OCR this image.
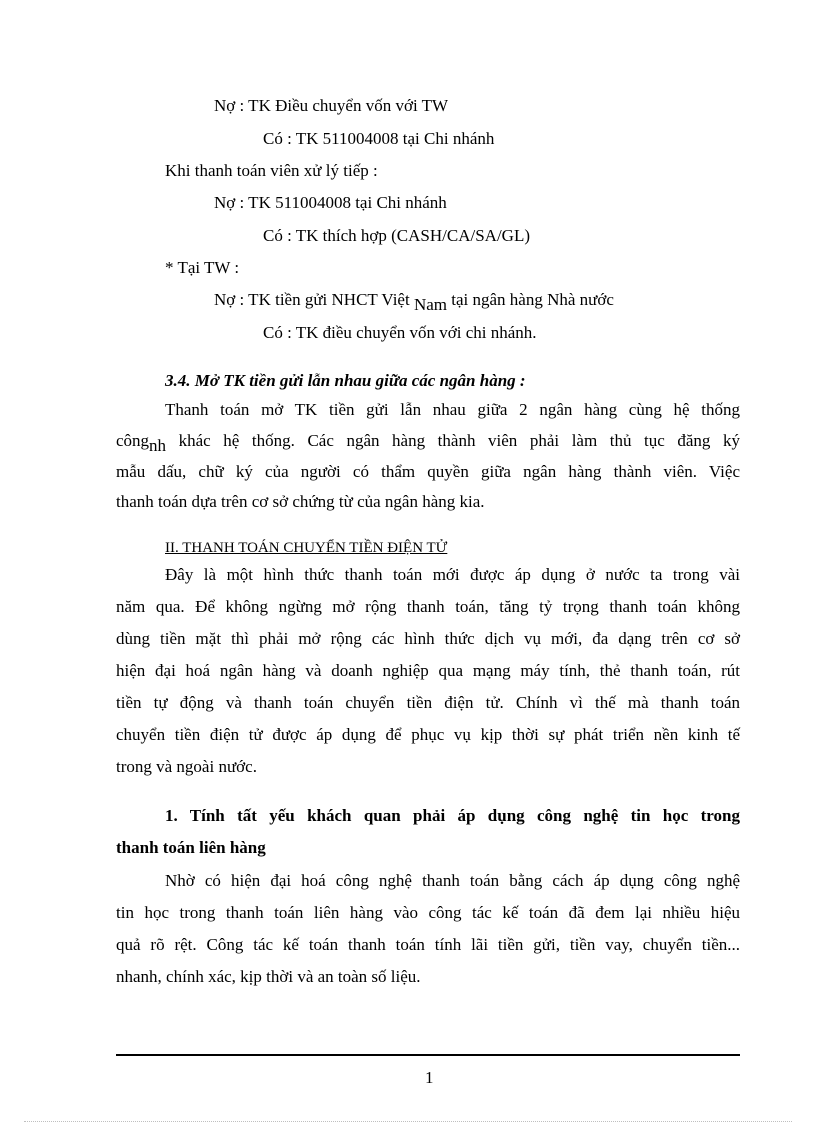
Nợ : TK Điều chuyển vốn với TW
Có : TK 511004008 tại Chi nhánh
Khi thanh toán viên xử lý tiếp :
Nợ : TK 511004008 tại Chi nhánh
Có : TK thích hợp (CASH/CA/SA/GL)
* Tại TW :
Nợ : TK tiền gửi NHCT Việt Nam tại ngân hàng Nhà nước
Có : TK điều chuyển vốn với chi nhánh.
3.4. Mở TK tiền gửi lẫn nhau giữa các ngân hàng :
Thanh toán mở TK tiền gửi lẫn nhau giữa 2 ngân hàng cùng hệ thống
côngnh khác hệ thống. Các ngân hàng thành viên phải làm thủ tục đăng ký
mẫu dấu, chữ ký của người có thẩm quyền giữa ngân hàng thành viên. Việc
thanh toán dựa trên cơ sở chứng từ của ngân hàng kia.
II. THANH TOÁN CHUYỂN TIỀN ĐIỆN TỬ
Đây là một hình thức thanh toán mới được áp dụng ở nước ta trong vài
năm qua. Để không ngừng mở rộng thanh toán, tăng tỷ trọng thanh toán không
dùng tiền mặt thì phải mở rộng các hình thức dịch vụ mới, đa dạng trên cơ sở
hiện đại hoá ngân hàng và doanh nghiệp qua mạng máy tính, thẻ thanh toán, rút
tiền tự động và thanh toán chuyển tiền điện tử. Chính vì thế mà thanh toán
chuyển tiền điện tử được áp dụng để phục vụ kịp thời sự phát triển nền kinh tế
trong và ngoài nước.
1. Tính tất yếu khách quan phải áp dụng công nghệ tin học trong
thanh toán liên hàng
Nhờ có hiện đại hoá công nghệ thanh toán bằng cách áp dụng công nghệ
tin học trong thanh toán liên hàng vào công tác kế toán đã đem lại nhiều hiệu
quả rõ rệt. Công tác kế toán thanh toán tính lãi tiền gửi, tiền vay, chuyển tiền...
nhanh, chính xác, kịp thời và an toàn số liệu.
1
